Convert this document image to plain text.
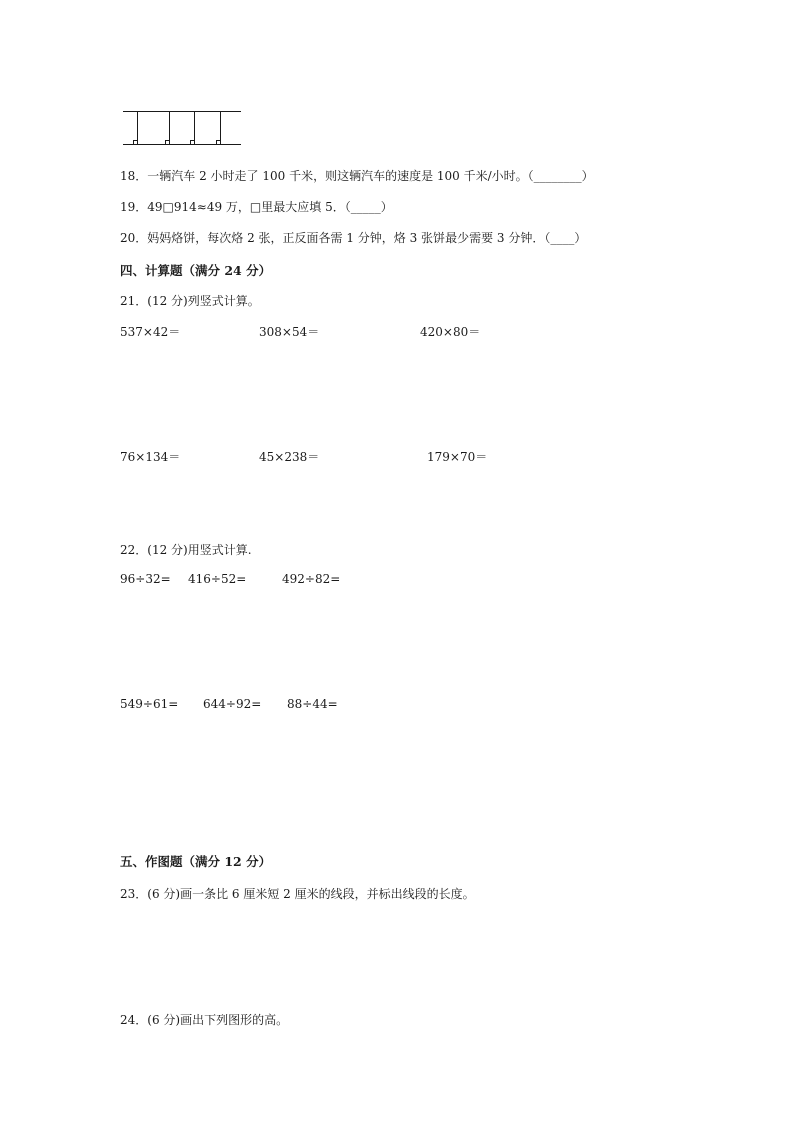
18．一辆汽车 2 小时走了 100 千米，则这辆汽车的速度是 100 千米/小时。（________）
19．49□914≈49 万，□里最大应填 5．（_____）
20．妈妈烙饼，每次烙 2 张，正反面各需 1 分钟，烙 3 张饼最少需要 3 分钟．（____）
四、计算题（满分 24 分）
21．(12 分)列竖式计算。
537×42＝	308×54＝	420×80＝
76×134＝	45×238＝	179×70＝
22．(12 分)用竖式计算.
96÷32= 416÷52=	492÷82=
549÷61= 644÷92= 88÷44=
五、作图题（满分 12 分）
23．(6 分)画一条比 6 厘米短 2 厘米的线段，并标出线段的长度。
24．(6 分)画出下列图形的高。
